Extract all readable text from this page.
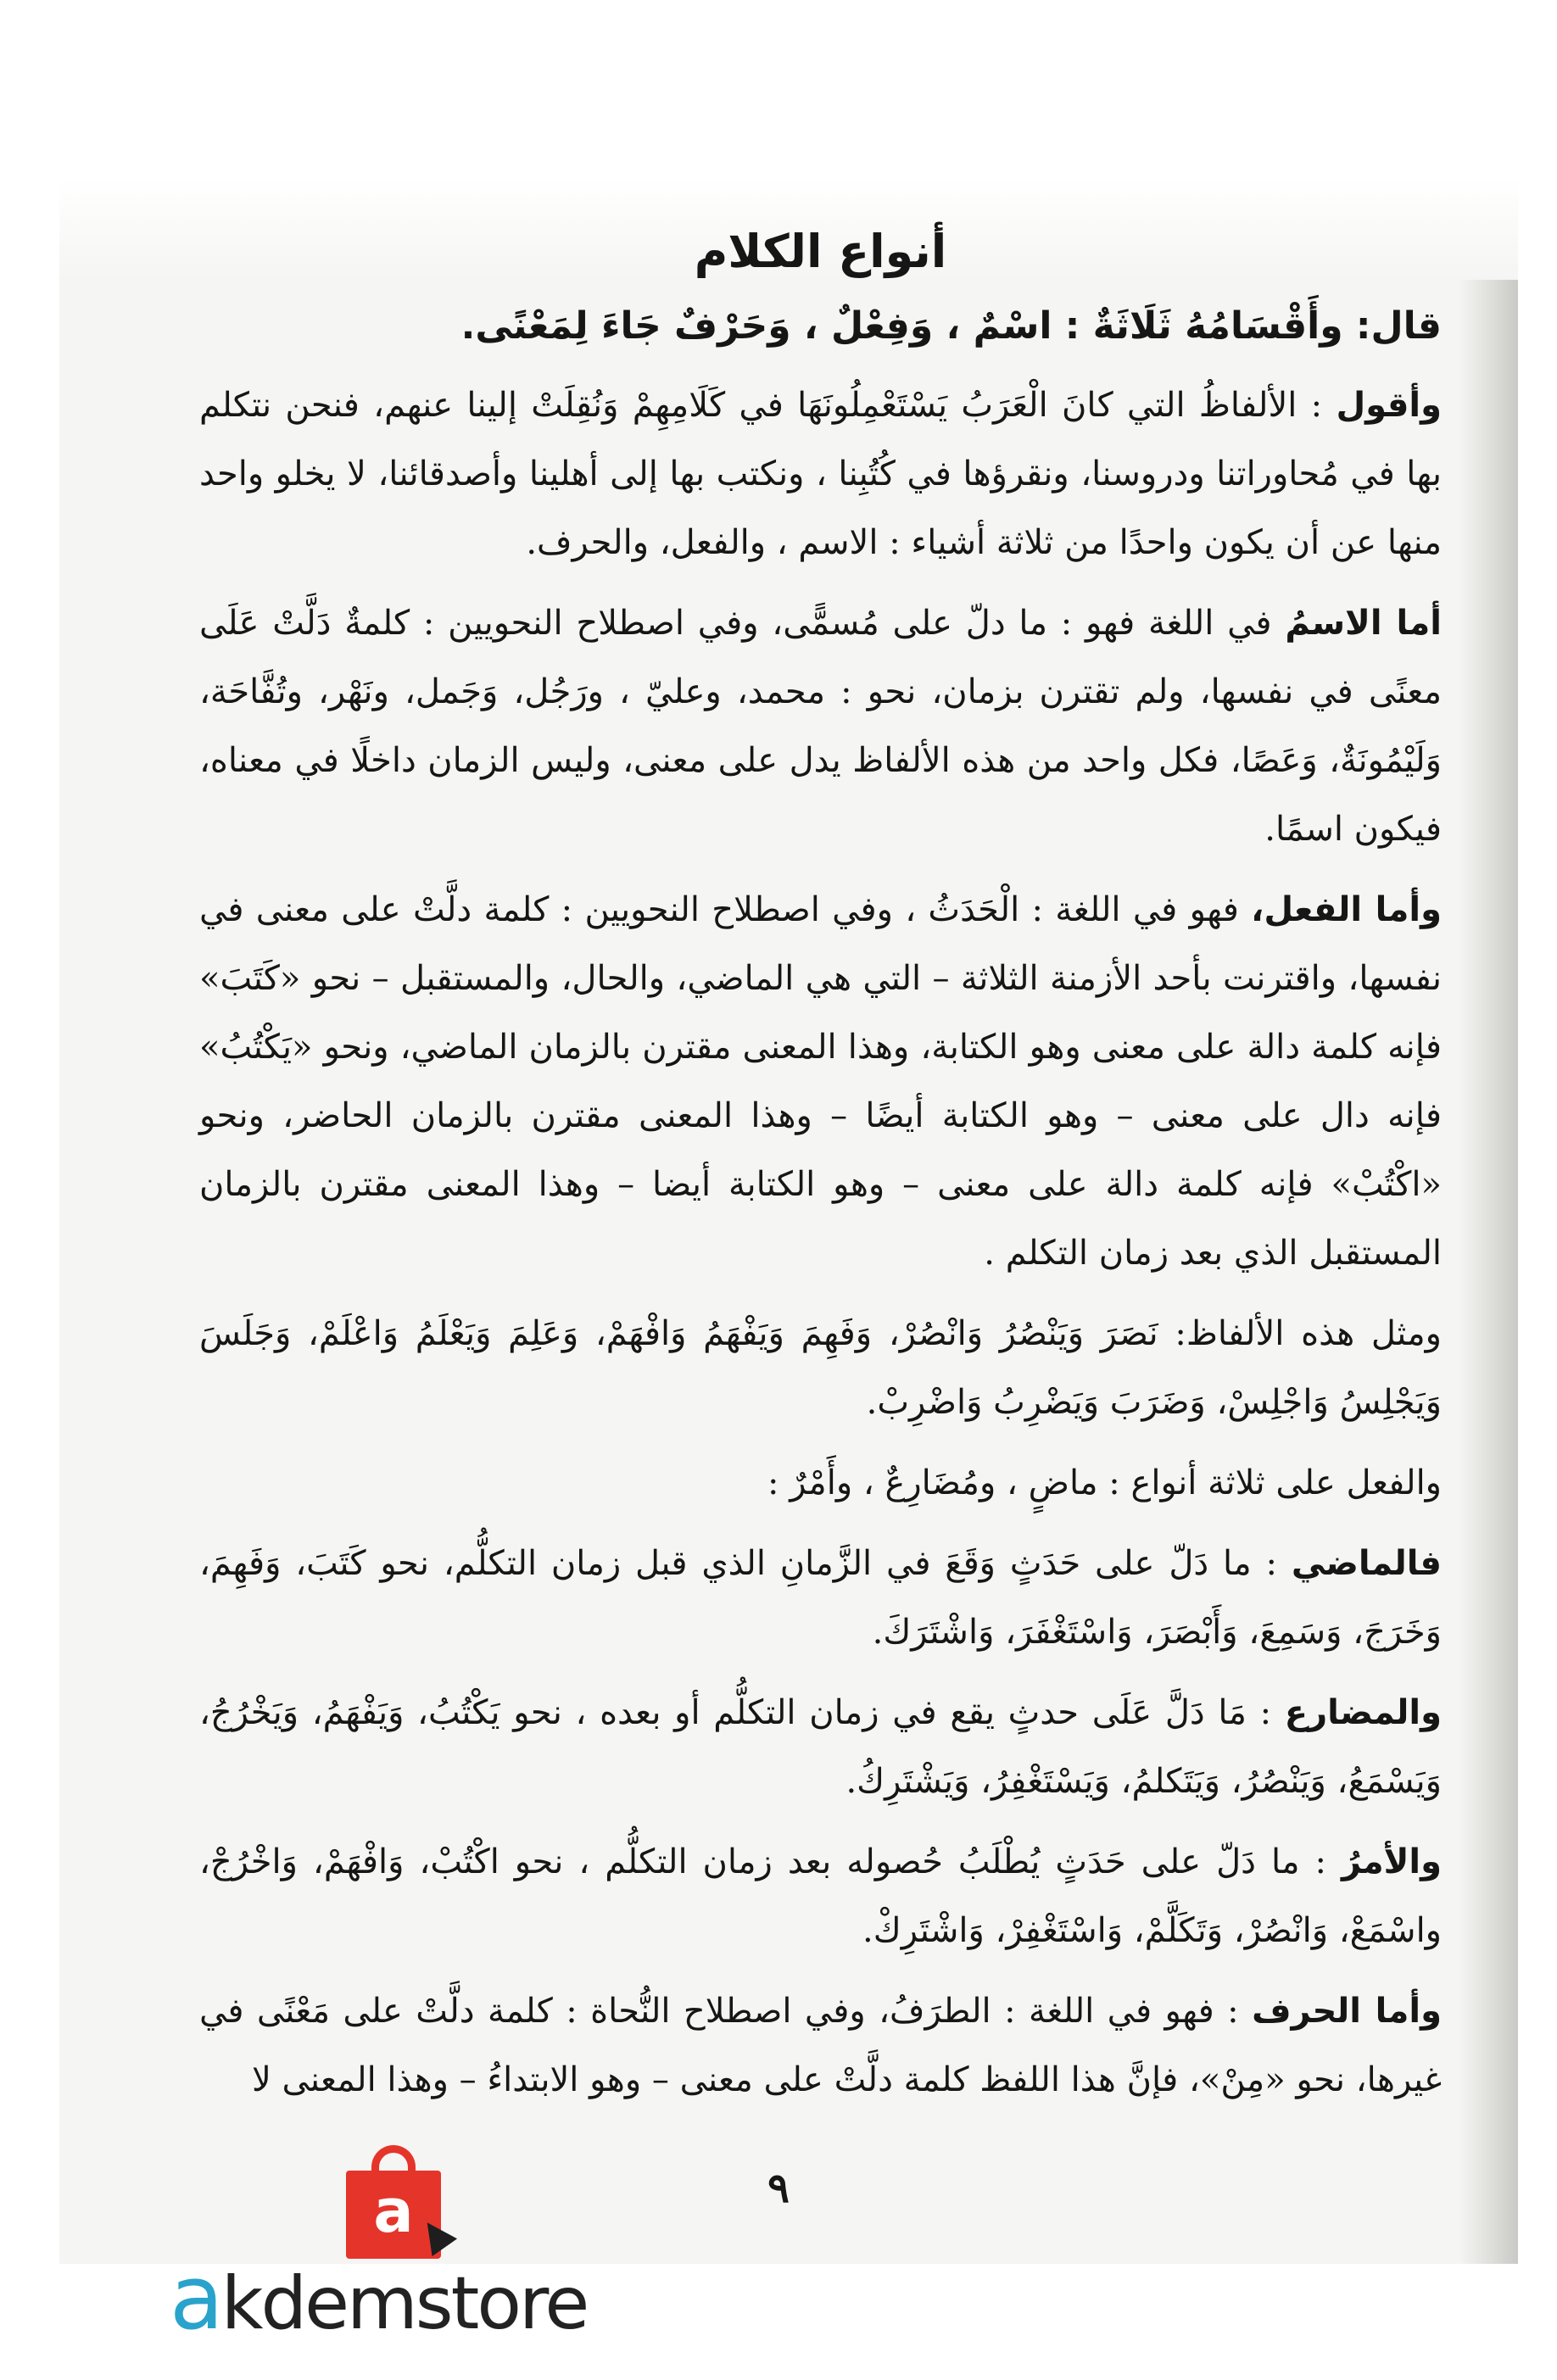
أنواع الكلام

قال: وأَقْسَامُهُ ثَلَاثَةٌ : اسْمٌ ، وَفِعْلٌ ، وَحَرْفٌ جَاءَ لِمَعْنًى.

وأقول : الألفاظُ التي كانَ الْعَرَبُ يَسْتَعْمِلُونَهَا في كَلَامِهِمْ وَنُقِلَتْ إلينا عنهم، فنحن نتكلم بها في مُحاوراتنا ودروسنا، ونقرؤها في كُتُبِنا ، ونكتب بها إلى أهلينا وأصدقائنا، لا يخلو واحد منها عن أن يكون واحدًا من ثلاثة أشياء : الاسم ، والفعل، والحرف.

أما الاسمُ في اللغة فهو : ما دلّ على مُسمًّى، وفي اصطلاح النحويين : كلمةٌ دَلَّتْ عَلَى معنًى في نفسها، ولم تقترن بزمان، نحو : محمد، وعليّ ، ورَجُل، وَجَمل، ونَهْر، وتُفَّاحَة، وَلَيْمُونَةٌ، وَعَصًا، فكل واحد من هذه الألفاظ يدل على معنى، وليس الزمان داخلًا في معناه، فيكون اسمًا.

وأما الفعل، فهو في اللغة : الْحَدَثُ ، وفي اصطلاح النحويين : كلمة دلَّتْ على معنى في نفسها، واقترنت بأحد الأزمنة الثلاثة – التي هي الماضي، والحال، والمستقبل – نحو «كَتَبَ» فإنه كلمة دالة على معنى وهو الكتابة، وهذا المعنى مقترن بالزمان الماضي، ونحو «يَكْتُبُ» فإنه دال على معنى – وهو الكتابة أيضًا – وهذا المعنى مقترن بالزمان الحاضر، ونحو «اكْتُبْ» فإنه كلمة دالة على معنى – وهو الكتابة أيضا – وهذا المعنى مقترن بالزمان المستقبل الذي بعد زمان التكلم .

ومثل هذه الألفاظ: نَصَرَ وَيَنْصُرُ وَانْصُرْ، وَفَهِمَ وَيَفْهَمُ وَافْهَمْ، وَعَلِمَ وَيَعْلَمُ وَاعْلَمْ، وَجَلَسَ وَيَجْلِسُ وَاجْلِسْ، وَضَرَبَ وَيَضْرِبُ وَاضْرِبْ.

والفعل على ثلاثة أنواع : ماضٍ ، ومُضَارِعٌ ، وأَمْرٌ :

فالماضي : ما دَلّ على حَدَثٍ وَقَعَ في الزَّمانِ الذي قبل زمان التكلُّم، نحو كَتَبَ، وَفَهِمَ، وَخَرَجَ، وَسَمِعَ، وَأَبْصَرَ، وَاسْتَغْفَرَ، وَاشْتَرَكَ.

والمضارع : مَا دَلَّ عَلَى حدثٍ يقع في زمان التكلُّم أو بعده ، نحو يَكْتُبُ، وَيَفْهَمُ، وَيَخْرُجُ، وَيَسْمَعُ، وَيَنْصُرُ، وَيَتَكلمُ، وَيَسْتَغْفِرُ، وَيَشْتَرِكُ.

والأمرُ : ما دَلّ على حَدَثٍ يُطْلَبُ حُصوله بعد زمان التكلُّم ، نحو اكْتُبْ، وَافْهَمْ، وَاخْرُجْ، واسْمَعْ، وَانْصُرْ، وَتَكَلَّمْ، وَاسْتَغْفِرْ، وَاشْتَرِكْ.

وأما الحرف : فهو في اللغة : الطرَفُ، وفي اصطلاح النُّحاة : كلمة دلَّتْ على مَعْنًى في غيرها، نحو «مِنْ»، فإنَّ هذا اللفظ كلمة دلَّتْ على معنى – وهو الابتداءُ – وهذا المعنى لا

٩
a
akdemstore
